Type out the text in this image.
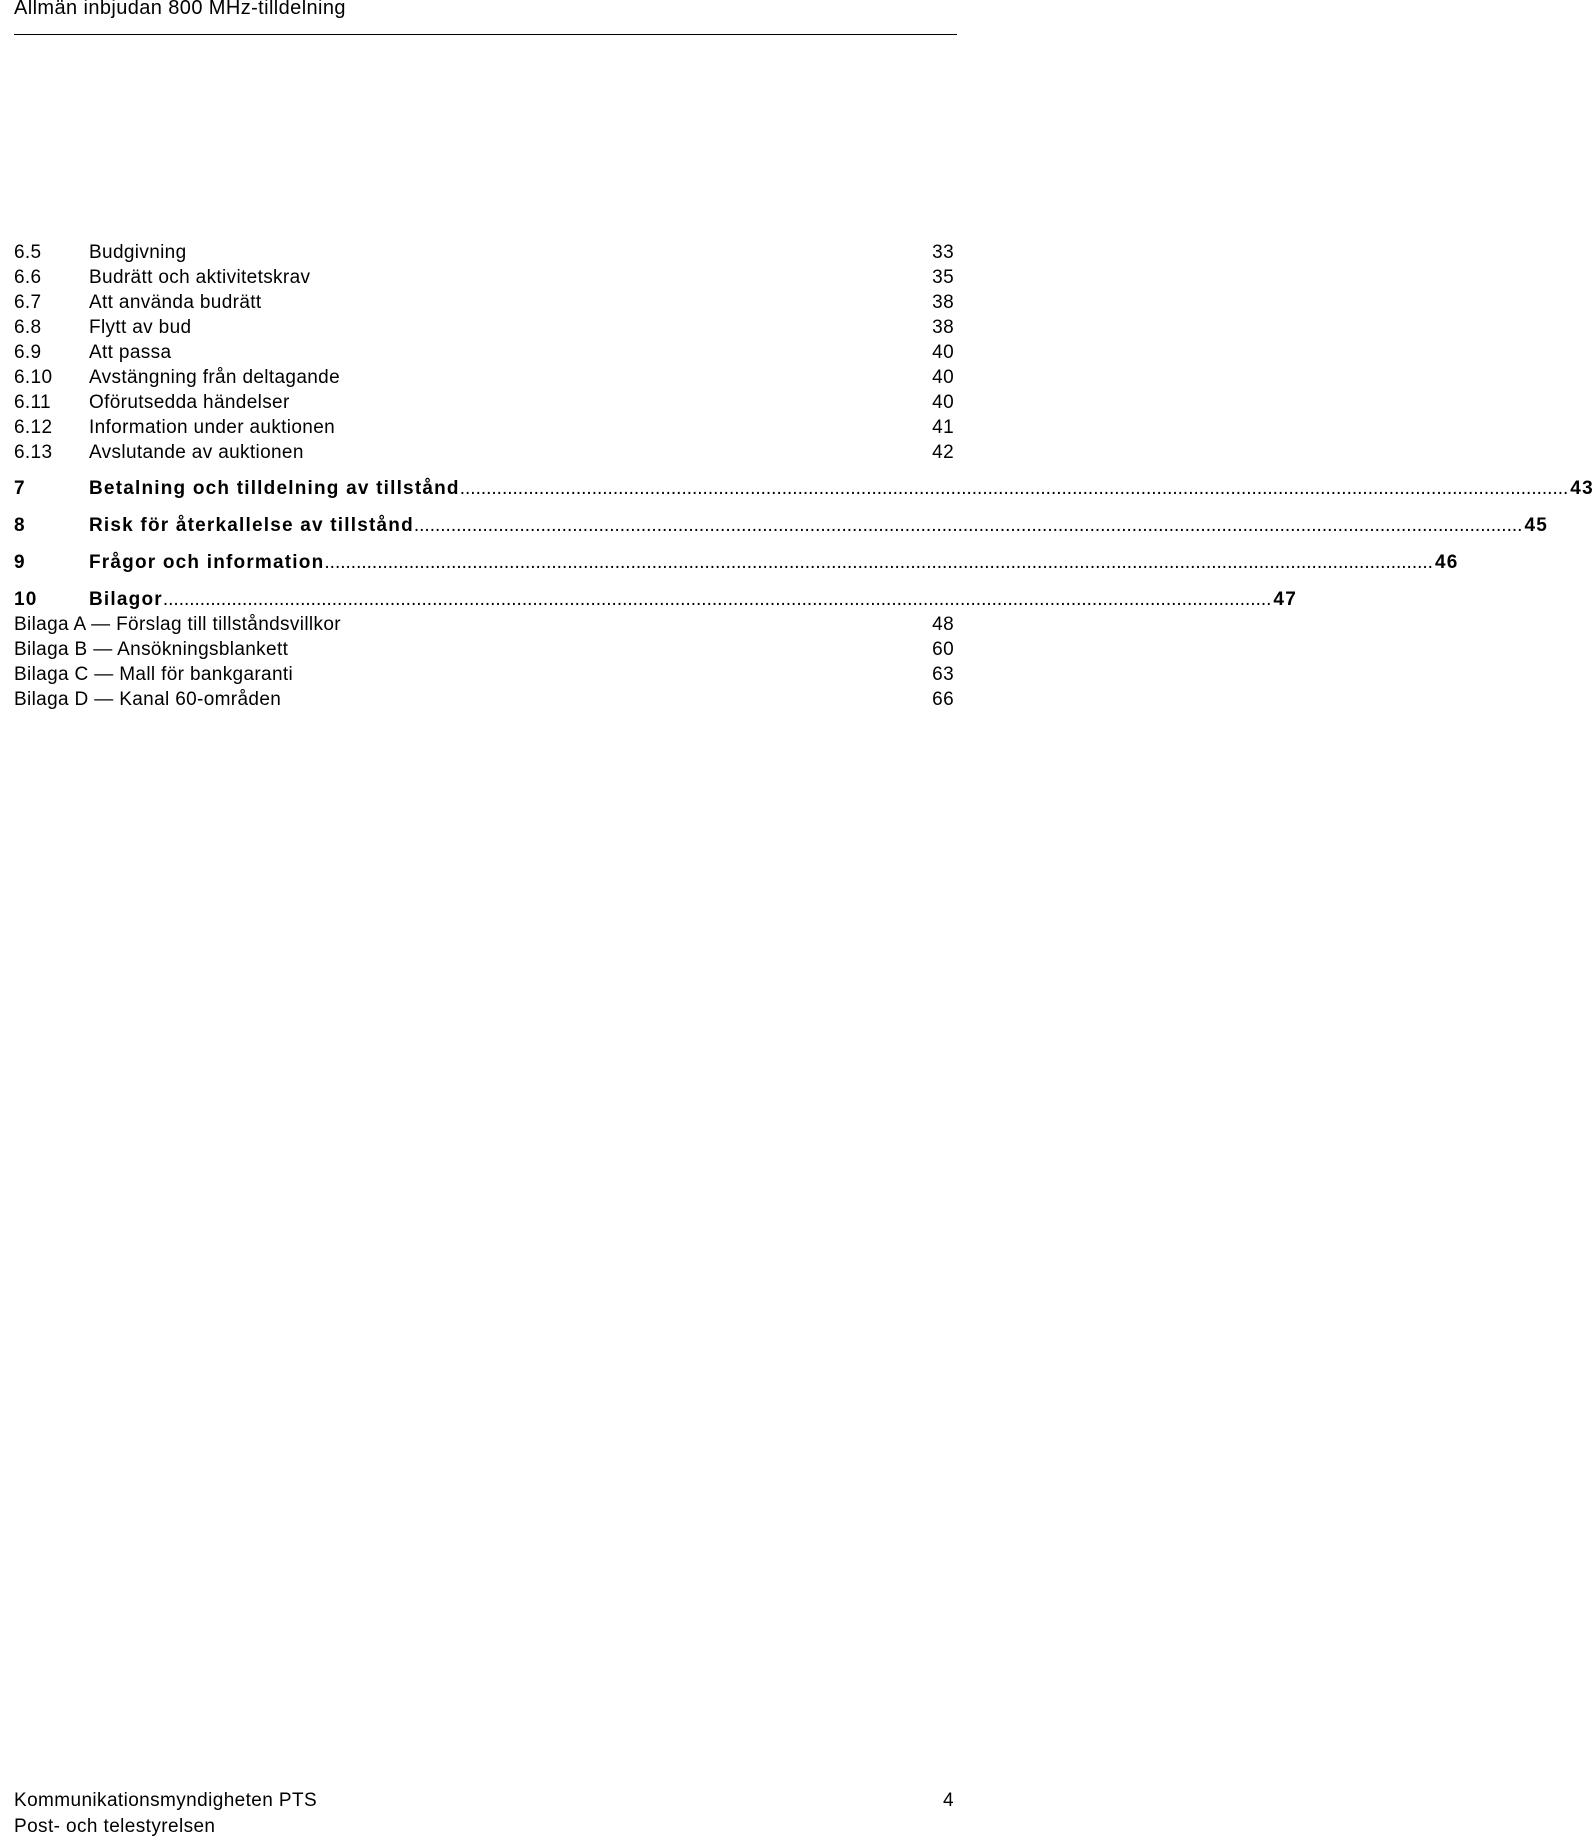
Allmän inbjudan 800 MHz-tilldelning
6.5	Budgivning	33
6.6	Budrätt och aktivitetskrav	35
6.7	Att använda budrätt	38
6.8	Flytt av bud	38
6.9	Att passa	40
6.10	Avstängning från deltagande	40
6.11	Oförutsedda händelser	40
6.12	Information under auktionen	41
6.13	Avslutande av auktionen	42
7	Betalning och tilldelning av tillstånd .................................................................................................................................................................................................................. 43
8	Risk för återkallelse av tillstånd .................................................................................................................................................................................................................. 45
9	Frågor och information .................................................................................................................................................................................................................. 46
10	Bilagor .................................................................................................................................................................................................................. 47
Bilaga A — Förslag till tillståndsvillkor	48
Bilaga B — Ansökningsblankett	60
Bilaga C — Mall för bankgaranti	63
Bilaga D — Kanal 60-områden	66
Kommunikationsmyndigheten PTS	4
Post- och telestyrelsen
